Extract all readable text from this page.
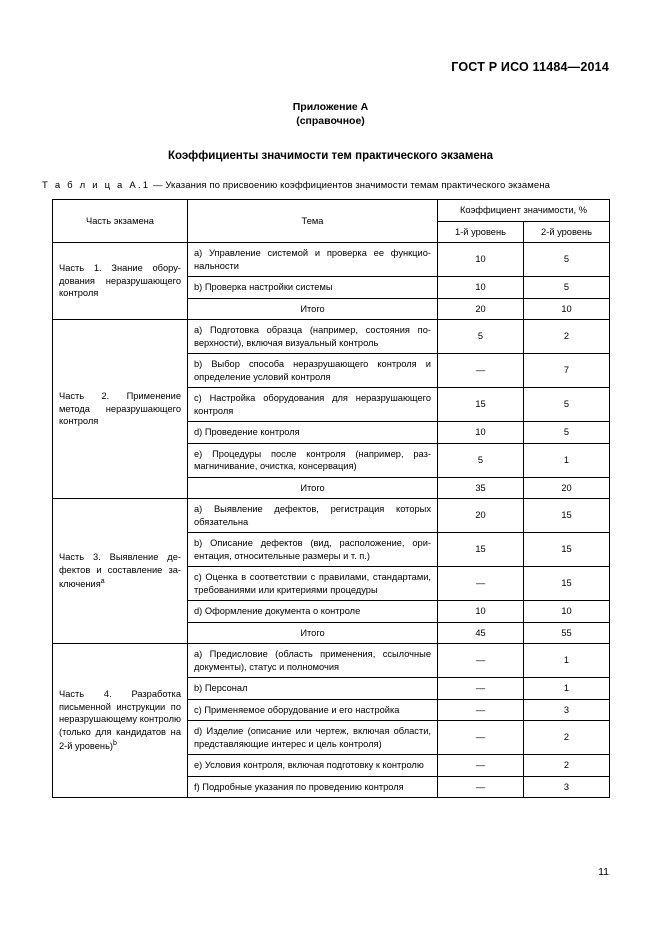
ГОСТ Р ИСО 11484—2014
Приложение А
(справочное)
Коэффициенты значимости тем практического экзамена
Т а б л и ц а А.1 — Указания по присвоению коэффициентов значимости темам практического экзамена
Часть экзамена	Тема	Коэффициент значимости, %	
		1-й уровень	2-й уровень
Часть 1. Знание оборудования неразрушающего контроля	a) Управление системой и проверка ее функциональности	10	5
	b) Проверка настройки системы	10	5
	Итого	20	10
Часть 2. Применение метода неразрушающего контроля	a) Подготовка образца (например, состояния поверхности), включая визуальный контроль	5	2
	b) Выбор способа неразрушающего контроля и определение условий контроля	—	7
	c) Настройка оборудования для неразрушающего контроля	15	5
	d) Проведение контроля	10	5
	e) Процедуры после контроля (например, размагничивание, очистка, консервация)	5	1
	Итого	35	20
Часть 3. Выявление дефектов и составление заключения$^a$	a) Выявление дефектов, регистрация которых обязательна	20	15
	b) Описание дефектов (вид, расположение, ориентация, относительные размеры и т. п.)	15	15
	c) Оценка в соответствии с правилами, стандартами, требованиями или критериями процедуры	—	15
	d) Оформление документа о контроле	10	10
	Итого	45	55
Часть 4. Разработка письменной инструкции по неразрушающему контролю (только для кандидатов на 2-й уровень)$^b$	a) Предисловие (область применения, ссылочные документы), статус и полномочия	—	1
	b) Персонал	—	1
	c) Применяемое оборудование и его настройка	—	3
	d) Изделие (описание или чертеж, включая области, представляющие интерес и цель контроля)	—	2
	e) Условия контроля, включая подготовку к контролю	—	2
	f) Подробные указания по проведению контроля	—	3
11
